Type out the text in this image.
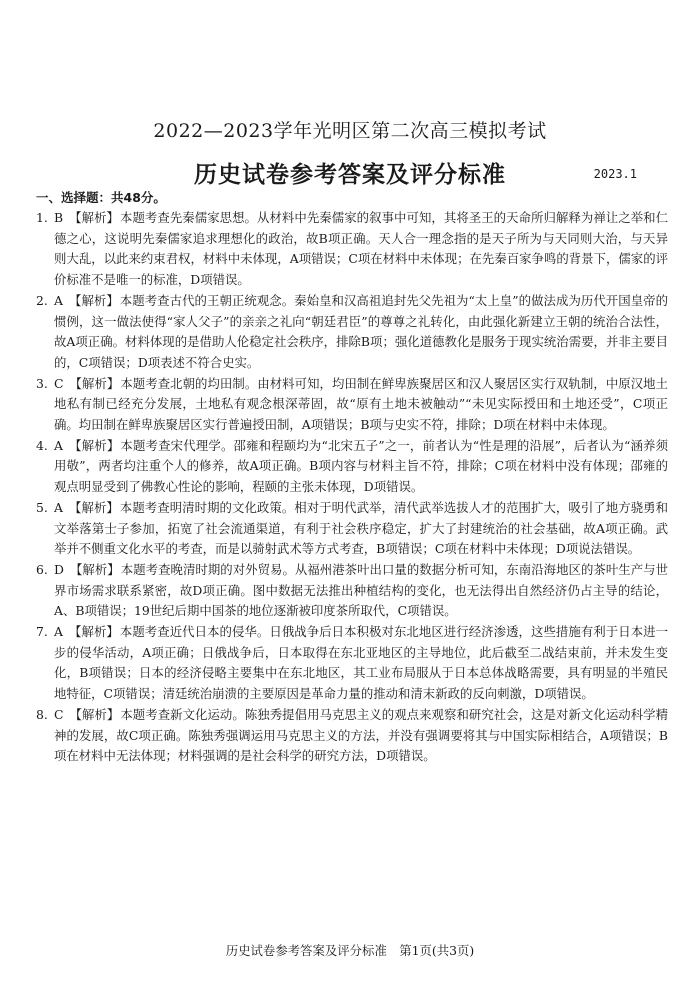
2022—2023学年光明区第二次高三模拟考试
历史试卷参考答案及评分标准	2023.1
一、选择题：共48分。
1. B 【解析】本题考查先秦儒家思想。从材料中先秦儒家的叙事中可知，其将圣王的天命所归解释为禅让之举和仁德之心，这说明先秦儒家追求理想化的政治，故B项正确。天人合一理念指的是天子所为与天同则大治，与天异则大乱，以此来约束君权，材料中未体现，A项错误；C项在材料中未体现；在先秦百家争鸣的背景下，儒家的评价标准不是唯一的标准，D项错误。
2. A 【解析】本题考查古代的王朝正统观念。秦始皇和汉高祖追封先父先祖为“太上皇”的做法成为历代开国皇帝的惯例，这一做法使得“家人父子”的亲亲之礼向“朝廷君臣”的尊尊之礼转化，由此强化新建立王朝的统治合法性，故A项正确。材料体现的是借助人伦稳定社会秩序，排除B项；强化道德教化是服务于现实统治需要，并非主要目的，C项错误；D项表述不符合史实。
3. C 【解析】本题考查北朝的均田制。由材料可知，均田制在鲜卑族聚居区和汉人聚居区实行双轨制，中原汉地土地私有制已经充分发展，土地私有观念根深蒂固，故“原有土地未被触动”“未见实际授田和土地还受”，C项正确。均田制在鲜卑族聚居区实行普遍授田制，A项错误；B项与史实不符，排除；D项在材料中未体现。
4. A 【解析】本题考查宋代理学。邵雍和程颐均为“北宋五子”之一，前者认为“性是理的沿展”，后者认为“涵养须用敬”，两者均注重个人的修养，故A项正确。B项内容与材料主旨不符，排除；C项在材料中没有体现；邵雍的观点明显受到了佛教心性论的影响，程颐的主张未体现，D项错误。
5. A 【解析】本题考查明清时期的文化政策。相对于明代武举，清代武举选拔人才的范围扩大，吸引了地方骁勇和文举落第士子参加，拓宽了社会流通渠道，有利于社会秩序稳定，扩大了封建统治的社会基础，故A项正确。武举并不侧重文化水平的考查，而是以骑射武术等方式考查，B项错误；C项在材料中未体现；D项说法错误。
6. D 【解析】本题考查晚清时期的对外贸易。从福州港茶叶出口量的数据分析可知，东南沿海地区的茶叶生产与世界市场需求联系紧密，故D项正确。图中数据无法推出种植结构的变化，也无法得出自然经济仍占主导的结论，A、B项错误；19世纪后期中国茶的地位逐渐被印度茶所取代，C项错误。
7. A 【解析】本题考查近代日本的侵华。日俄战争后日本积极对东北地区进行经济渗透，这些措施有利于日本进一步的侵华活动，A项正确；日俄战争后，日本取得在东北亚地区的主导地位，此后截至二战结束前，并未发生变化，B项错误；日本的经济侵略主要集中在东北地区，其工业布局服从于日本总体战略需要，具有明显的半殖民地特征，C项错误；清廷统治崩溃的主要原因是革命力量的推动和清末新政的反向刺激，D项错误。
8. C 【解析】本题考查新文化运动。陈独秀提倡用马克思主义的观点来观察和研究社会，这是对新文化运动科学精神的发展，故C项正确。陈独秀强调运用马克思主义的方法，并没有强调要将其与中国实际相结合，A项错误；B项在材料中无法体现；材料强调的是社会科学的研究方法，D项错误。
历史试卷参考答案及评分标准　第1页(共3页)
